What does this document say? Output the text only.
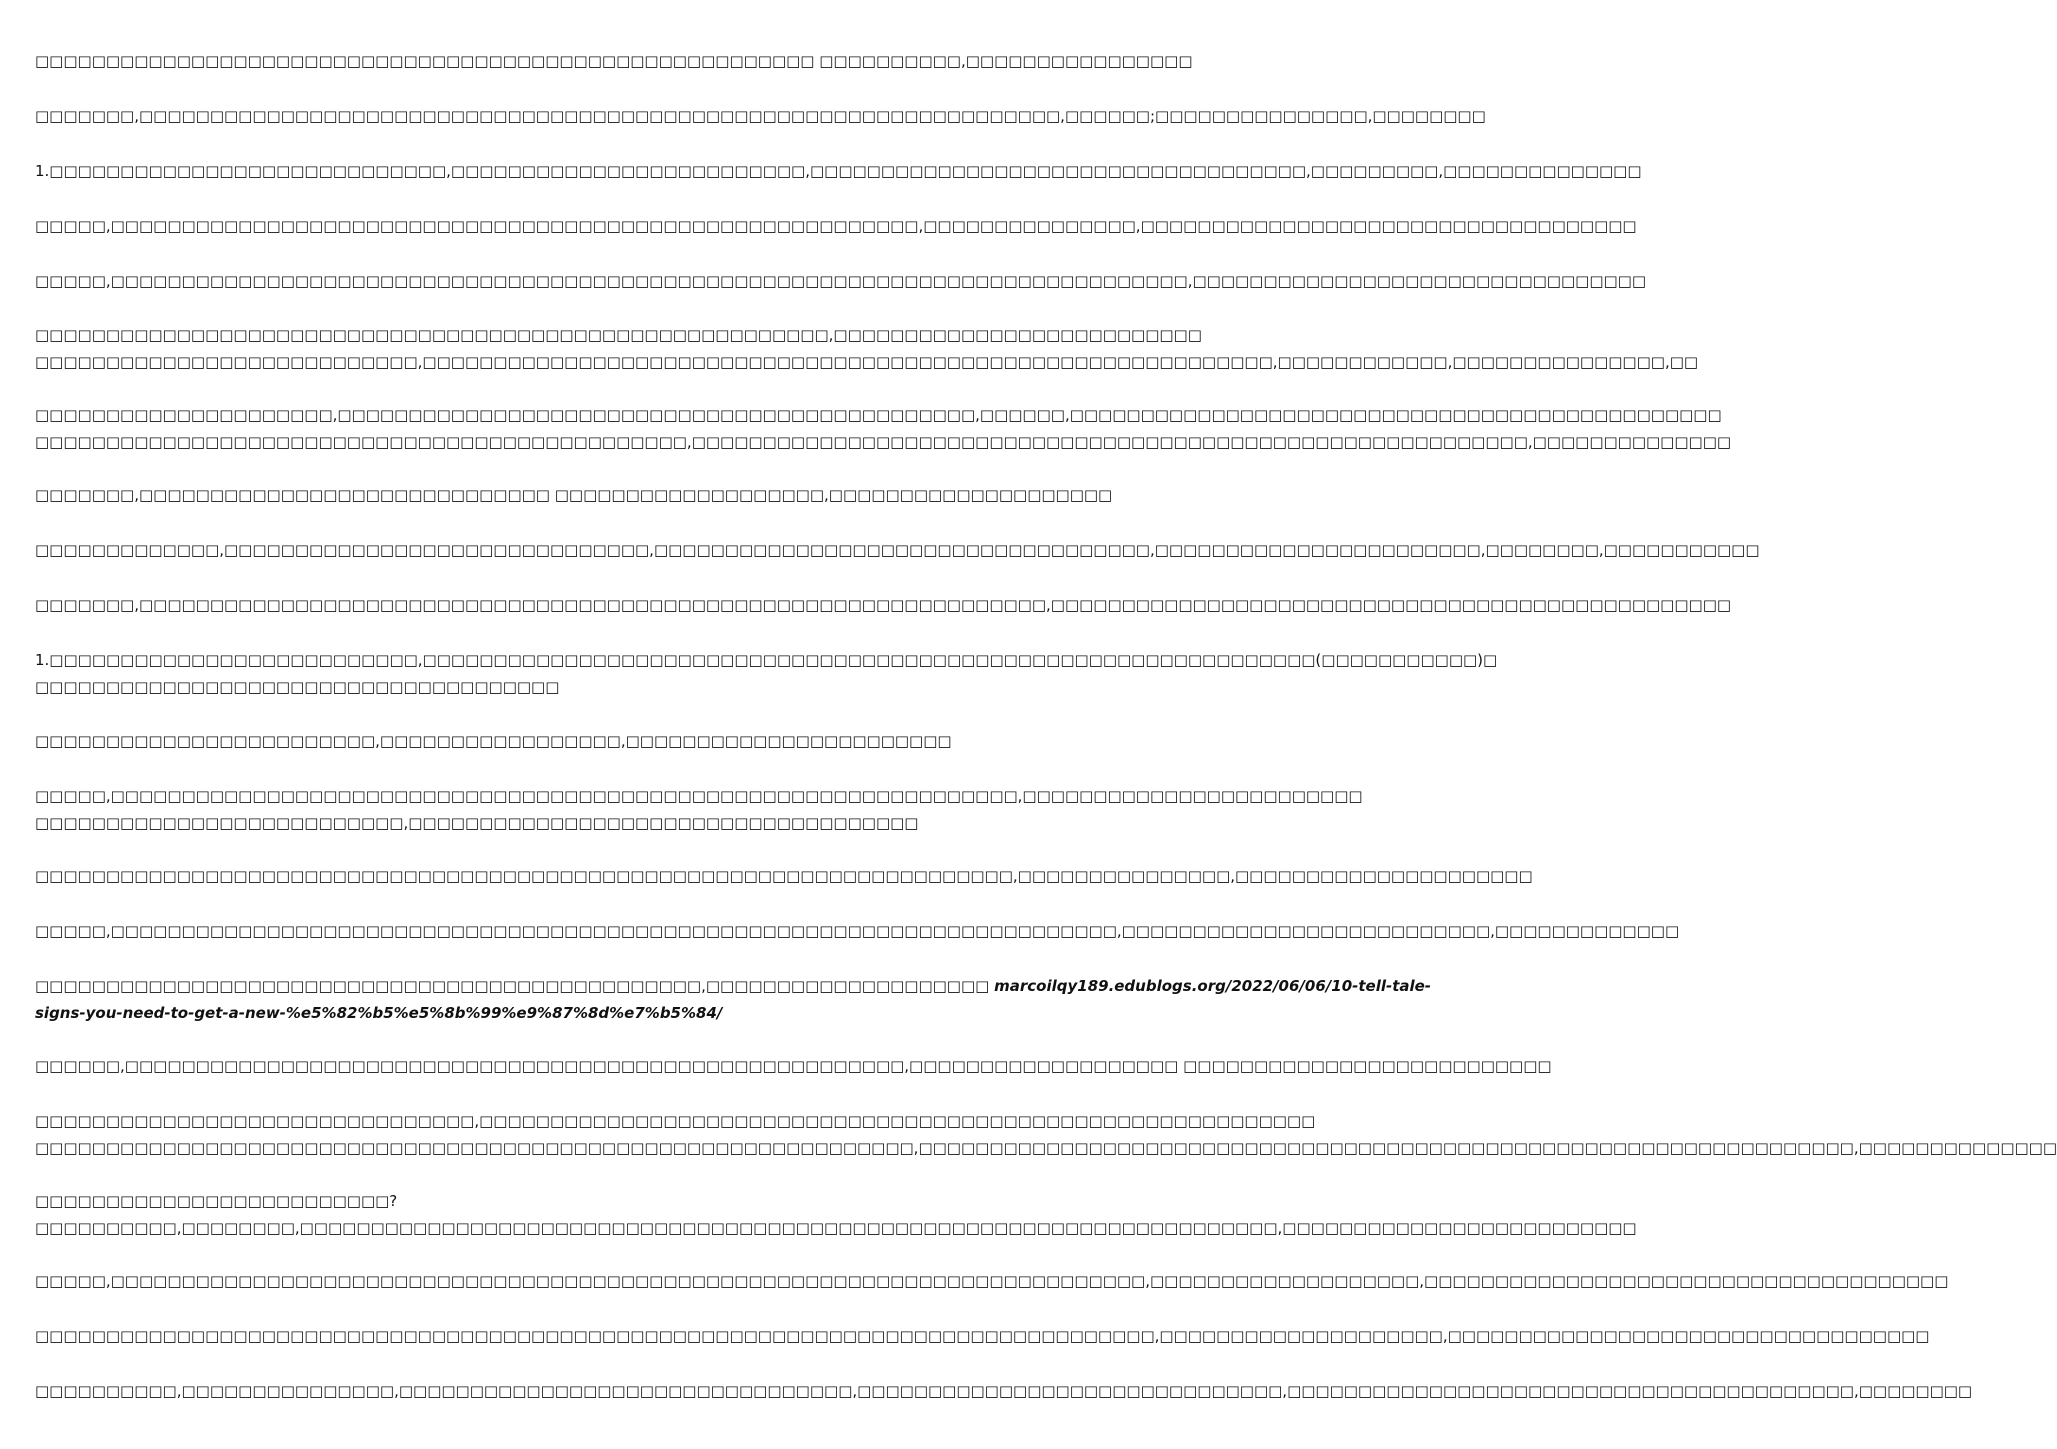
□□□□□□□□□□□□□□□□□□□□□□□□□□□□□□□□□□□□□□□□□□□□□□□□□□□□□□□ □□□□□□□□□□,□□□□□□□□□□□□□□□□
□□□□□□□,□□□□□□□□□□□□□□□□□□□□□□□□□□□□□□□□□□□□□□□□□□□□□□□□□□□□□□□□□□□□□□□□□,□□□□□□;□□□□□□□□□□□□□□□,□□□□□□□□
1.□□□□□□□□□□□□□□□□□□□□□□□□□□□□,□□□□□□□□□□□□□□□□□□□□□□□□□,□□□□□□□□□□□□□□□□□□□□□□□□□□□□□□□□□□□,□□□□□□□□□,□□□□□□□□□□□□□□
□□□□□,□□□□□□□□□□□□□□□□□□□□□□□□□□□□□□□□□□□□□□□□□□□□□□□□□□□□□□□□□,□□□□□□□□□□□□□□□,□□□□□□□□□□□□□□□□□□□□□□□□□□□□□□□□□□□
□□□□□,□□□□□□□□□□□□□□□□□□□□□□□□□□□□□□□□□□□□□□□□□□□□□□□□□□□□□□□□□□□□□□□□□□□□□□□□□□□□,□□□□□□□□□□□□□□□□□□□□□□□□□□□□□□□□
□□□□□□□□□□□□□□□□□□□□□□□□□□□□□□□□□□□□□□□□□□□□□□□□□□□□□□□□,□□□□□□□□□□□□□□□□□□□□□□□□□□
□□□□□□□□□□□□□□□□□□□□□□□□□□□,□□□□□□□□□□□□□□□□□□□□□□□□□□□□□□□□□□□□□□□□□□□□□□□□□□□□□□□□□□□□,□□□□□□□□□□□□,□□□□□□□□□□□□□□□,□□
□□□□□□□□□□□□□□□□□□□□□,□□□□□□□□□□□□□□□□□□□□□□□□□□□□□□□□□□□□□□□□□□□□□,□□□□□□,□□□□□□□□□□□□□□□□□□□□□□□□□□□□□□□□□□□□□□□□□□□□□□
□□□□□□□□□□□□□□□□□□□□□□□□□□□□□□□□□□□□□□□□□□□□□□,□□□□□□□□□□□□□□□□□□□□□□□□□□□□□□□□□□□□□□□□□□□□□□□□□□□□□□□□□□□,□□□□□□□□□□□□□□
□□□□□□□,□□□□□□□□□□□□□□□□□□□□□□□□□□□□□ □□□□□□□□□□□□□□□□□□□,□□□□□□□□□□□□□□□□□□□□
□□□□□□□□□□□□□,□□□□□□□□□□□□□□□□□□□□□□□□□□□□□□,□□□□□□□□□□□□□□□□□□□□□□□□□□□□□□□□□□□,□□□□□□□□□□□□□□□□□□□□□□□,□□□□□□□□,□□□□□□□□□□□
□□□□□□□,□□□□□□□□□□□□□□□□□□□□□□□□□□□□□□□□□□□□□□□□□□□□□□□□□□□□□□□□□□□□□□□□,□□□□□□□□□□□□□□□□□□□□□□□□□□□□□□□□□□□□□□□□□□□□□□□□
1.□□□□□□□□□□□□□□□□□□□□□□□□□□,□□□□□□□□□□□□□□□□□□□□□□□□□□□□□□□□□□□□□□□□□□□□□□□□□□□□□□□□□□□□□□□(□□□□□□□□□□□)□
□□□□□□□□□□□□□□□□□□□□□□□□□□□□□□□□□□□□□
□□□□□□□□□□□□□□□□□□□□□□□□,□□□□□□□□□□□□□□□□□,□□□□□□□□□□□□□□□□□□□□□□□
□□□□□,□□□□□□□□□□□□□□□□□□□□□□□□□□□□□□□□□□□□□□□□□□□□□□□□□□□□□□□□□□□□□□□□,□□□□□□□□□□□□□□□□□□□□□□□□
□□□□□□□□□□□□□□□□□□□□□□□□□□,□□□□□□□□□□□□□□□□□□□□□□□□□□□□□□□□□□□□
□□□□□□□□□□□□□□□□□□□□□□□□□□□□□□□□□□□□□□□□□□□□□□□□□□□□□□□□□□□□□□□□□□□□□,□□□□□□□□□□□□□□□,□□□□□□□□□□□□□□□□□□□□□
□□□□□,□□□□□□□□□□□□□□□□□□□□□□□□□□□□□□□□□□□□□□□□□□□□□□□□□□□□□□□□□□□□□□□□□□□□□□□,□□□□□□□□□□□□□□□□□□□□□□□□□□,□□□□□□□□□□□□□
□□□□□□□□□□□□□□□□□□□□□□□□□□□□□□□□□□□□□□□□□□□□□□□,□□□□□□□□□□□□□□□□□□□□ marcoilqy189.edublogs.org/2022/06/06/10-tell-tale-
signs-you-need-to-get-a-new-%e5%82%b5%e5%8b%99%e9%87%8d%e7%b5%84/
□□□□□□,□□□□□□□□□□□□□□□□□□□□□□□□□□□□□□□□□□□□□□□□□□□□□□□□□□□□□□□,□□□□□□□□□□□□□□□□□□□ □□□□□□□□□□□□□□□□□□□□□□□□□□
□□□□□□□□□□□□□□□□□□□□□□□□□□□□□□□,□□□□□□□□□□□□□□□□□□□□□□□□□□□□□□□□□□□□□□□□□□□□□□□□□□□□□□□□□□□
□□□□□□□□□□□□□□□□□□□□□□□□□□□□□□□□□□□□□□□□□□□□□□□□□□□□□□□□□□□□□□,□□□□□□□□□□□□□□□□□□□□□□□□□□□□□□□□□□□□□□□□□□□□□□□□□□□□□□□□□□□□□□□□□□,□□□□□□□□□□□□□□
□□□□□□□□□□□□□□□□□□□□□□□□□?
□□□□□□□□□□,□□□□□□□□,□□□□□□□□□□□□□□□□□□□□□□□□□□□□□□□□□□□□□□□□□□□□□□□□□□□□□□□□□□□□□□□□□□□□□,□□□□□□□□□□□□□□□□□□□□□□□□□
□□□□□,□□□□□□□□□□□□□□□□□□□□□□□□□□□□□□□□□□□□□□□□□□□□□□□□□□□□□□□□□□□□□□□□□□□□□□□□□,□□□□□□□□□□□□□□□□□□□,□□□□□□□□□□□□□□□□□□□□□□□□□□□□□□□□□□□□□
□□□□□□□□□□□□□□□□□□□□□□□□□□□□□□□□□□□□□□□□□□□□□□□□□□□□□□□□□□□□□□□□□□□□□□□□□□□□□□□,□□□□□□□□□□□□□□□□□□□□,□□□□□□□□□□□□□□□□□□□□□□□□□□□□□□□□□□
□□□□□□□□□□,□□□□□□□□□□□□□□□,□□□□□□□□□□□□□□□□□□□□□□□□□□□□□□□□,□□□□□□□□□□□□□□□□□□□□□□□□□□□□□□,□□□□□□□□□□□□□□□□□□□□□□□□□□□□□□□□□□□□□□□□,□□□□□□□□
